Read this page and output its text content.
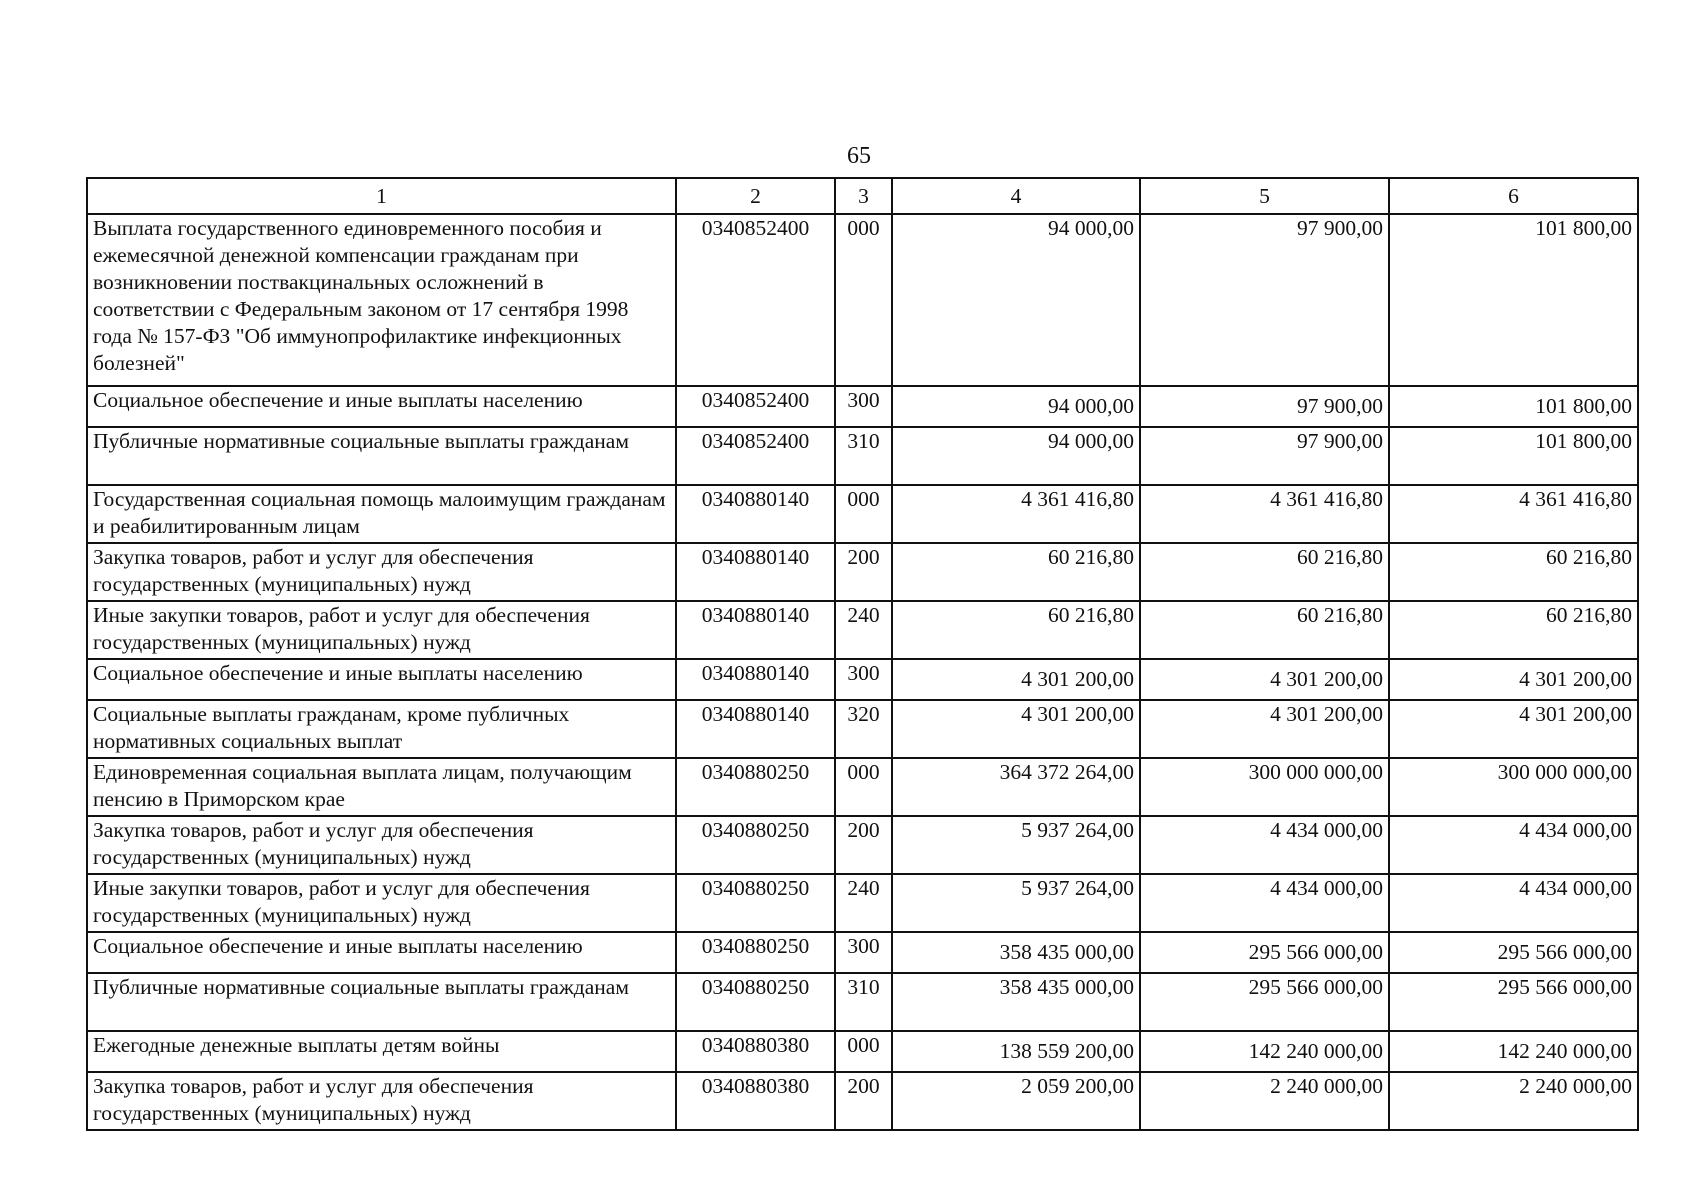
65
1	2	3	4	5	6
Выплата государственного единовременного пособия и ежемесячной денежной компенсации гражданам при возникновении поствакцинальных осложнений в соответствии с Федеральным законом от 17 сентября 1998 года № 157-ФЗ "Об иммунопрофилактике инфекционных болезней"	0340852400	000	94 000,00	97 900,00	101 800,00
Социальное обеспечение и иные выплаты населению	0340852400	300	94 000,00	97 900,00	101 800,00
Публичные нормативные социальные выплаты гражданам	0340852400	310	94 000,00	97 900,00	101 800,00
Государственная социальная помощь малоимущим гражданам и реабилитированным лицам	0340880140	000	4 361 416,80	4 361 416,80	4 361 416,80
Закупка товаров, работ и услуг для обеспечения государственных (муниципальных) нужд	0340880140	200	60 216,80	60 216,80	60 216,80
Иные закупки товаров, работ и услуг для обеспечения государственных (муниципальных) нужд	0340880140	240	60 216,80	60 216,80	60 216,80
Социальное обеспечение и иные выплаты населению	0340880140	300	4 301 200,00	4 301 200,00	4 301 200,00
Социальные выплаты гражданам, кроме публичных нормативных социальных выплат	0340880140	320	4 301 200,00	4 301 200,00	4 301 200,00
Единовременная социальная выплата лицам, получающим пенсию в Приморском крае	0340880250	000	364 372 264,00	300 000 000,00	300 000 000,00
Закупка товаров, работ и услуг для обеспечения государственных (муниципальных) нужд	0340880250	200	5 937 264,00	4 434 000,00	4 434 000,00
Иные закупки товаров, работ и услуг для обеспечения государственных (муниципальных) нужд	0340880250	240	5 937 264,00	4 434 000,00	4 434 000,00
Социальное обеспечение и иные выплаты населению	0340880250	300	358 435 000,00	295 566 000,00	295 566 000,00
Публичные нормативные социальные выплаты гражданам	0340880250	310	358 435 000,00	295 566 000,00	295 566 000,00
Ежегодные денежные выплаты детям войны	0340880380	000	138 559 200,00	142 240 000,00	142 240 000,00
Закупка товаров, работ и услуг для обеспечения государственных (муниципальных) нужд	0340880380	200	2 059 200,00	2 240 000,00	2 240 000,00
